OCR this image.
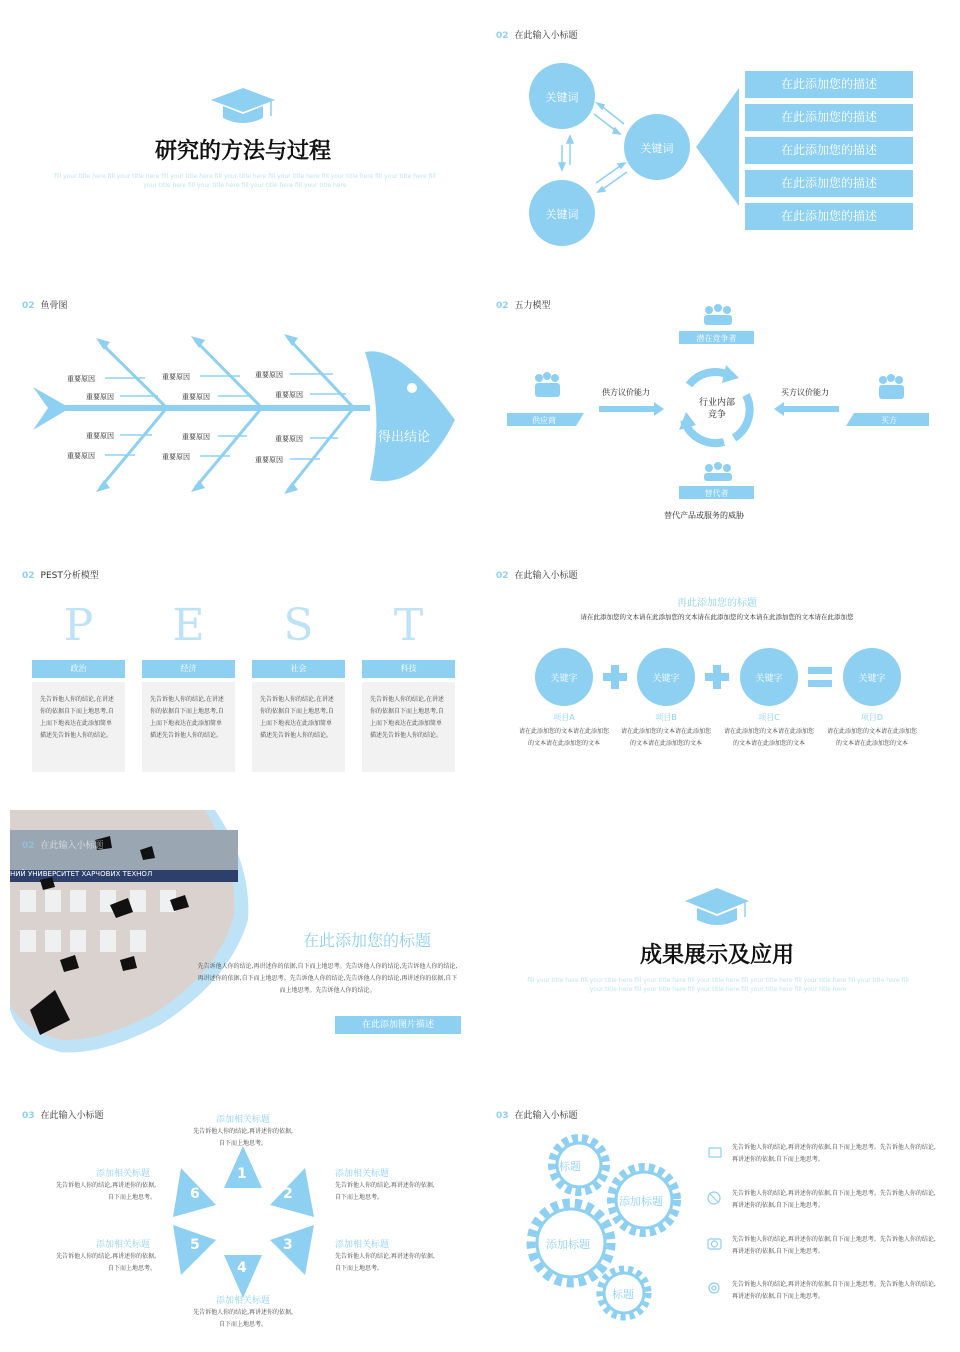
研究的方法与过程
fill your title here fill your title here fill your title here fill your title here fill your title here fill your title here fill your title here fill your title here fill your title here fill your title here fill your title here
02 在此输入小标题
关键词
关键词
关键词
在此添加您的描述
在此添加您的描述
在此添加您的描述
在此添加您的描述
在此添加您的描述
02 鱼骨图
得出结论
重要原因
重要原因
重要原因
重要原因
重要原因
重要原因
重要原因
重要原因
重要原因
重要原因
重要原因
重要原因
02 五力模型
潜在竞争者
供应商	买方
替代者
行业内部
竞争
供方议价能力	买方议价能力
替代产品或服务的威胁
02 PEST分析模型
P
政治
先告诉他人你的结论,在讲述你的依据自下而上地思考,自上而下地表达在此添加简单描述先告诉他人你的结论。
E
经济
先告诉他人你的结论,在讲述你的依据自下而上地思考,自上而下地表达在此添加简单描述先告诉他人你的结论。
S
社会
先告诉他人你的结论,在讲述你的依据自下而上地思考,自上而下地表达在此添加简单描述先告诉他人你的结论。
T
科技
先告诉他人你的结论,在讲述你的依据自下而上地思考,自上而下地表达在此添加简单描述先告诉他人你的结论。
02 在此输入小标题
再此添加您的标题
请在此添加您的文本请在此添加您的文本请在此添加您的文本请在此添加您的文本请在此添加您
关键字	关键字	关键字	关键字
项目A	项目B	项目C	项目D
请在此添加您的文本请在此添加您的文本请在此添加您的文本
请在此添加您的文本请在此添加您的文本请在此添加您的文本
请在此添加您的文本请在此添加您的文本请在此添加您的文本
请在此添加您的文本请在此添加您的文本请在此添加您的文本
НИЙ УНИВЕРСИТЕТ ХАРЧОВИХ ТЕХНОЛ
02 在此输入小标题
在此添加您的标题
先告诉他人你的结论,再讲述你的依据,自下而上地思考。先告诉他人你的结论,先告诉他人你的结论,再讲述你的依据,自下而上地思考。先告诉他人你的结论,先告诉他人你的结论,再讲述你的依据,自下而上地思考。先告诉他人你的结论。
在此添加图片描述
成果展示及应用
fill your title here fill your title here fill your title here fill your title here fill your title here fill your title here fill your title here fill your title here fill your title here fill your title here fill your title here fill your title here
03 在此输入小标题
1
2
3
4
5
6
添加相关标题
先告诉他人你的结论,再讲述你的依据,自下而上地思考。
添加相关标题
先告诉他人你的结论,再讲述你的依据,自下而上地思考。
添加相关标题
先告诉他人你的结论,再讲述你的依据,自下而上地思考。
添加相关标题
先告诉他人你的结论,再讲述你的依据,自下而上地思考。
添加相关标题
先告诉他人你的结论,再讲述你的依据,自下而上地思考。
添加相关标题
先告诉他人你的结论,再讲述你的依据,自下而上地思考。
03 在此输入小标题
标题
添加标题
添加标题
标题
先告诉他人你的结论,再讲述你的依据,自下而上地思考。先告诉他人你的结论,再讲述你的依据,自下而上地思考。
先告诉他人你的结论,再讲述你的依据,自下而上地思考。先告诉他人你的结论,再讲述你的依据,自下而上地思考。
先告诉他人你的结论,再讲述你的依据,自下而上地思考。先告诉他人你的结论,再讲述你的依据,自下而上地思考。
先告诉他人你的结论,再讲述你的依据,自下而上地思考。先告诉他人你的结论,再讲述你的依据,自下而上地思考。
